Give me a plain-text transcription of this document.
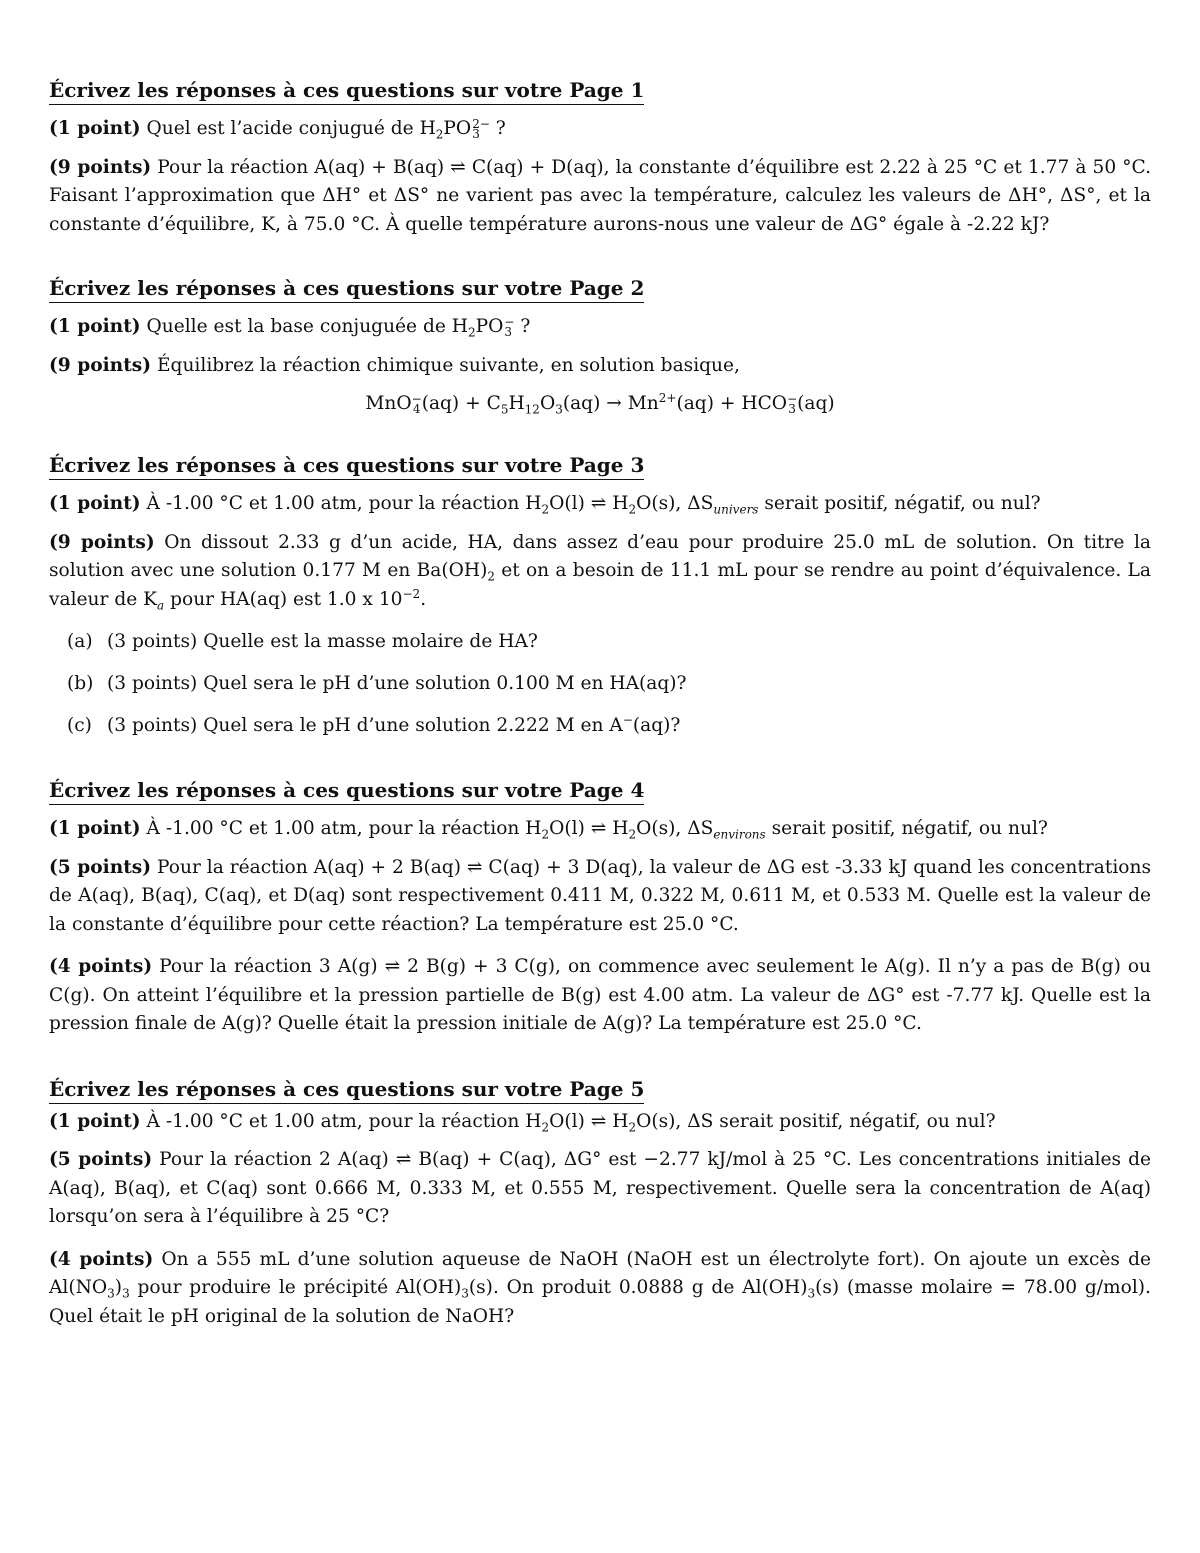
Écrivez les réponses à ces questions sur votre Page 1

(1 point) Quel est l’acide conjugué de $H_2PO$ 2−
3 ?

(9 points) Pour la réaction A(aq) + B(aq) ⇌ C(aq) + D(aq), la constante d’équilibre est 2.22 à 25 °C et 1.77 à 50 °C. Faisant l’approximation que ΔH° et ΔS° ne varient pas avec la température, calculez les valeurs de ΔH°, ΔS°, et la constante d’équilibre, K, à 75.0 °C. À quelle température aurons-nous une valeur de ΔG° égale à -2.22 kJ?

Écrivez les réponses à ces questions sur votre Page 2

(1 point) Quelle est la base conjuguée de $H_2PO$ −
3 ?

(9 points) Équilibrez la réaction chimique suivante, en solution basique,

MnO −
4 $(aq) + C_5H_{12}O_3(aq) \to Mn^{2+}(aq)$ + HCO −
3 (aq)
Écrivez les réponses à ces questions sur votre Page 3

(1 point) À -1.00 °C et 1.00 atm, pour la réaction $H_2O(l)$ ⇌ $H_2O(s)$, $\Delta S_{univers}$ serait positif, négatif, ou nul?

(9 points) On dissout 2.33 g d’un acide, HA, dans assez d’eau pour produire 25.0 mL de solution. On titre la solution avec une solution 0.177 M en $Ba(OH)_2$ et on a besoin de 11.1 mL pour se rendre au point d’équivalence. La valeur de $K_a$ pour HA(aq) est 1.0 x $10^{-2}$.

(a) (3 points) Quelle est la masse molaire de HA?
(b) (3 points) Quel sera le pH d’une solution 0.100 M en HA(aq)?
(c) (3 points) Quel sera le pH d’une solution 2.222 M en A−(aq)?
Écrivez les réponses à ces questions sur votre Page 4

(1 point) À -1.00 °C et 1.00 atm, pour la réaction $H_2O(l)$ ⇌ $H_2O(s)$, $\Delta S_{environs}$ serait positif, négatif, ou nul?

(5 points) Pour la réaction A(aq) + 2 B(aq) ⇌ C(aq) + 3 D(aq), la valeur de ΔG est -3.33 kJ quand les concentrations de A(aq), B(aq), C(aq), et D(aq) sont respectivement 0.411 M, 0.322 M, 0.611 M, et 0.533 M. Quelle est la valeur de la constante d’équilibre pour cette réaction? La température est 25.0 °C.

(4 points) Pour la réaction 3 A(g) ⇌ 2 B(g) + 3 C(g), on commence avec seulement le A(g). Il n’y a pas de B(g) ou C(g). On atteint l’équilibre et la pression partielle de B(g) est 4.00 atm. La valeur de ΔG° est -7.77 kJ. Quelle est la pression finale de A(g)? Quelle était la pression initiale de A(g)? La température est 25.0 °C.

Écrivez les réponses à ces questions sur votre Page 5

(1 point) À -1.00 °C et 1.00 atm, pour la réaction $H_2O(l)$ ⇌ $H_2O(s)$, ΔS serait positif, négatif, ou nul?

(5 points) Pour la réaction 2 A(aq) ⇌ B(aq) + C(aq), ΔG° est −2.77 kJ/mol à 25 °C. Les concentrations initiales de A(aq), B(aq), et C(aq) sont 0.666 M, 0.333 M, et 0.555 M, respectivement. Quelle sera la concentration de A(aq) lorsqu’on sera à l’équilibre à 25 °C?

(4 points) On a 555 mL d’une solution aqueuse de NaOH (NaOH est un électrolyte fort). On ajoute un excès de $Al(NO_3)_3$ pour produire le précipité $Al(OH)_3(s)$. On produit 0.0888 g de $Al(OH)_3(s)$ (masse molaire = 78.00 g/mol). Quel était le pH original de la solution de NaOH?
